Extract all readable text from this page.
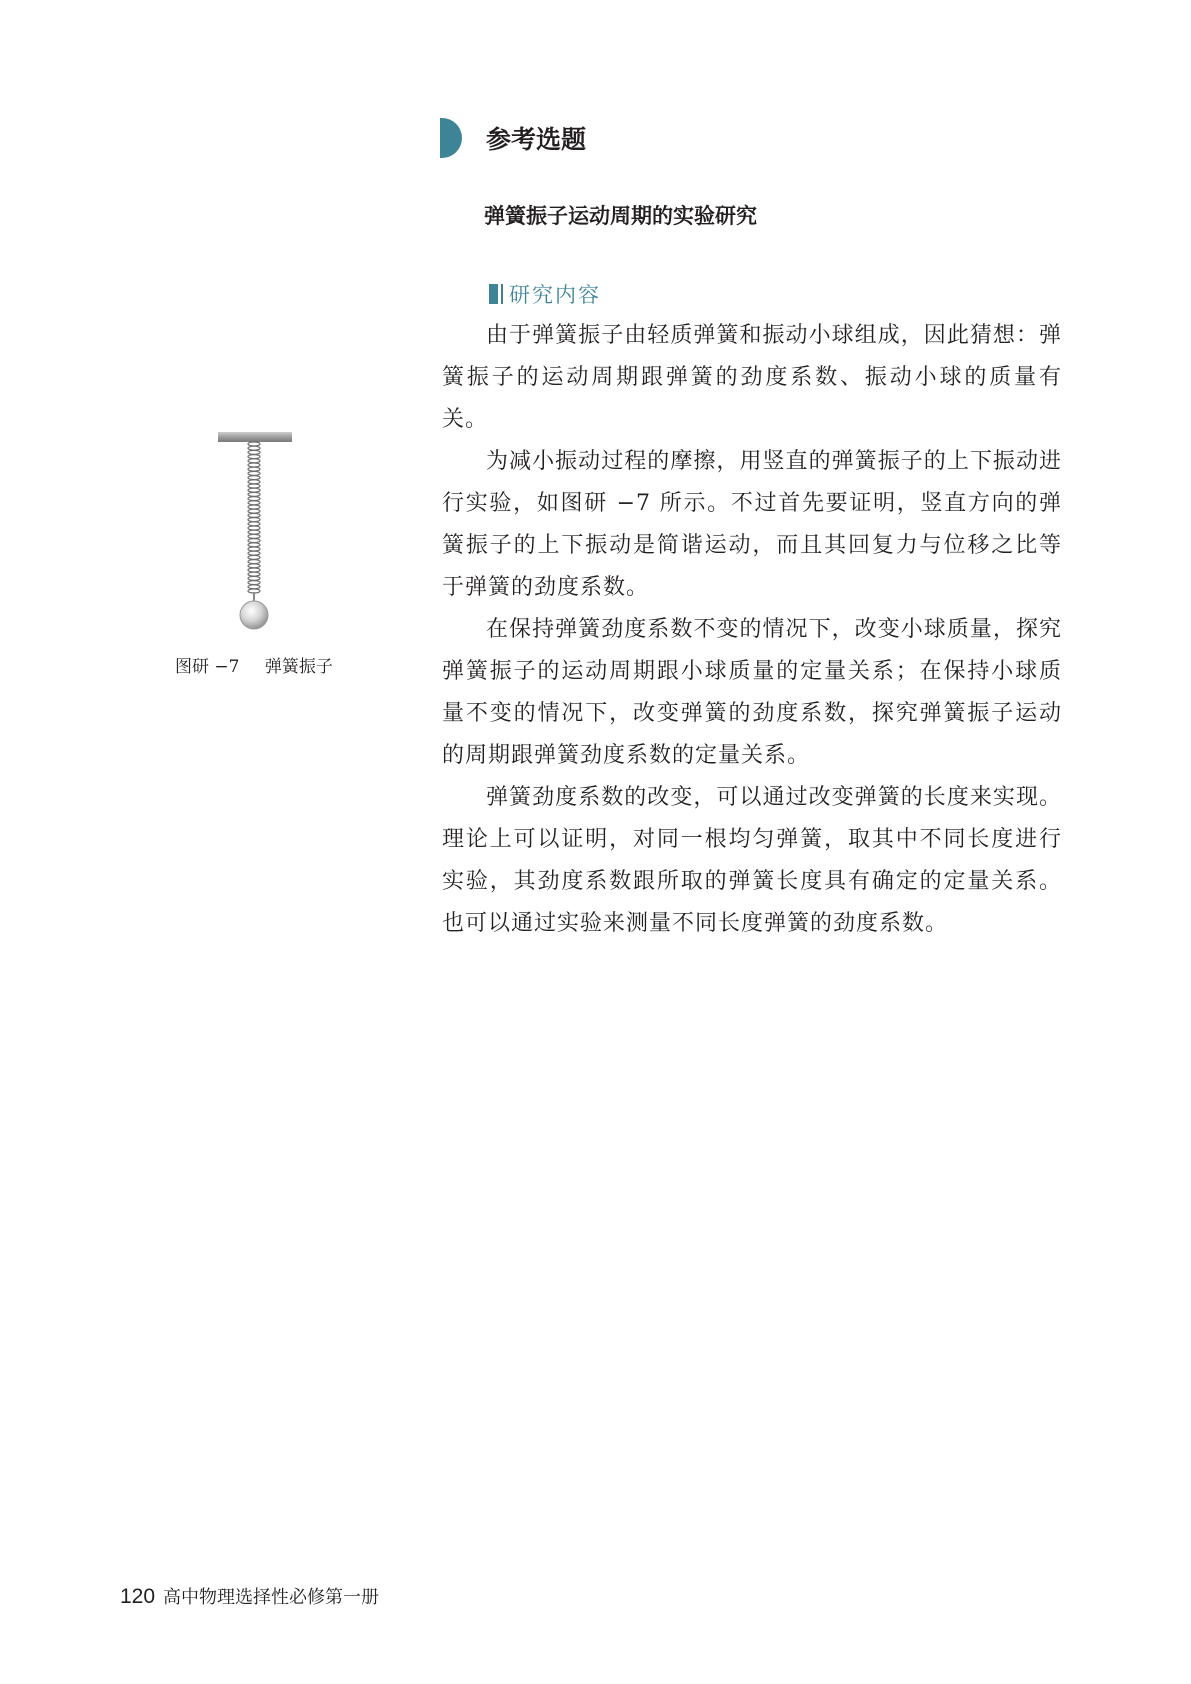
参考选题
弹簧振子运动周期的实验研究
研究内容

由于弹簧振子由轻质弹簧和振动小球组成，因此猜想：弹簧振子的运动周期跟弹簧的劲度系数、振动小球的质量有关。

为减小振动过程的摩擦，用竖直的弹簧振子的上下振动进行实验，如图研 −7 所示。不过首先要证明，竖直方向的弹簧振子的上下振动是简谐运动，而且其回复力与位移之比等于弹簧的劲度系数。

在保持弹簧劲度系数不变的情况下，改变小球质量，探究弹簧振子的运动周期跟小球质量的定量关系；在保持小球质量不变的情况下，改变弹簧的劲度系数，探究弹簧振子运动的周期跟弹簧劲度系数的定量关系。

弹簧劲度系数的改变，可以通过改变弹簧的长度来实现。理论上可以证明，对同一根均匀弹簧，取其中不同长度进行实验，其劲度系数跟所取的弹簧长度具有确定的定量关系。也可以通过实验来测量不同长度弹簧的劲度系数。

图研 −7 弹簧振子
120 高中物理选择性必修第一册
